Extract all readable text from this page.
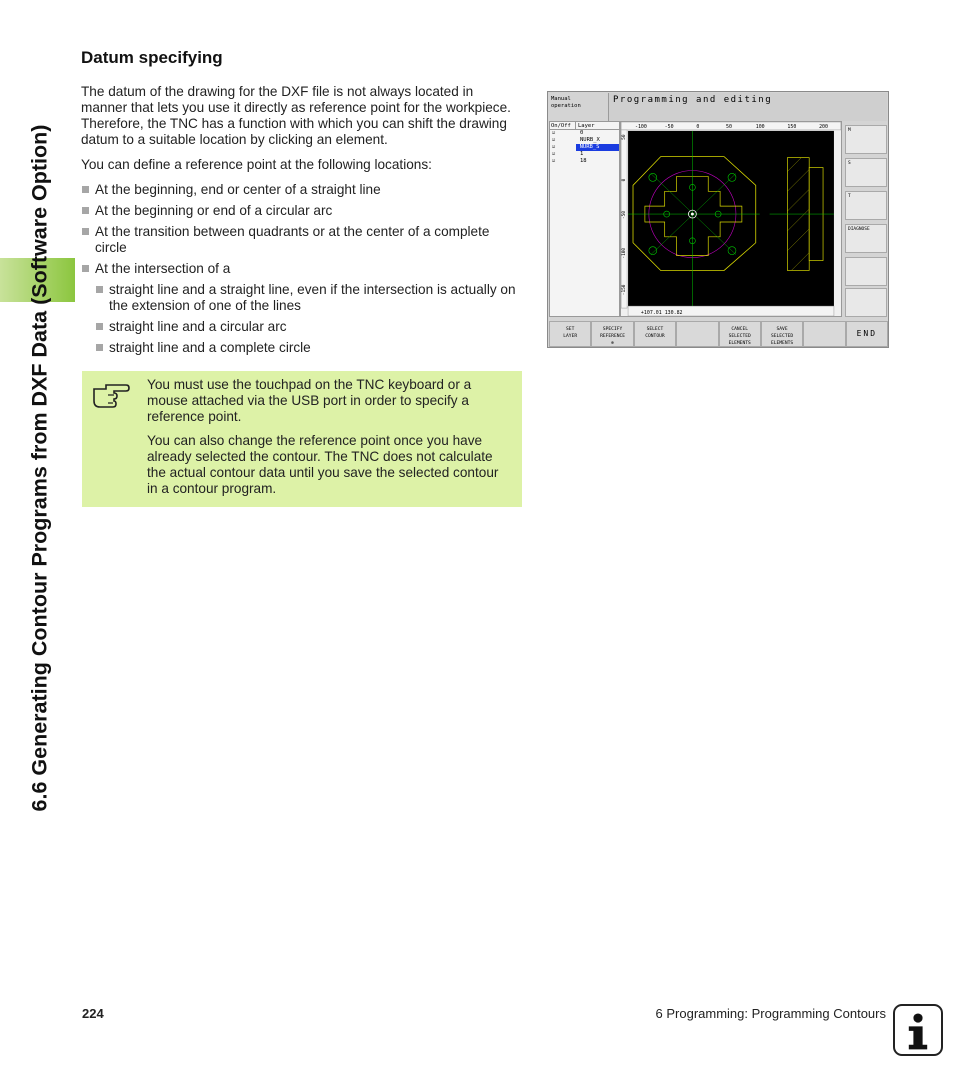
6.6 Generating Contour Programs from DXF Data (Software Option)
Datum specifying

The datum of the drawing for the DXF file is not always located in manner that lets you use it directly as reference point for the workpiece. Therefore, the TNC has a function with which you can shift the drawing datum to a suitable location by clicking an element.

You can define a reference point at the following locations:

At the beginning, end or center of a straight line
At the beginning or end of a circular arc
At the transition between quadrants or at the center of a complete circle
At the intersection of a
straight line and a straight line, even if the intersection is actually on the extension of one of the lines
straight line and a circular arc
straight line and a complete circle

You must use the touchpad on the TNC keyboard or a mouse attached via the USB port in order to specify a reference point.

You can also change the reference point once you have already selected the contour. The TNC does not calculate the actual contour data until you save the selected contour in a contour program.

Manual
operation
Programming and editing
On/Off	Layer
☑	0
☑	NURB_X
☑	NURB_S
☑	1
☑	18
-100	-50	0	50	100	150	200
50
0
-50
-100
-150
+107.01 130.82
M
S
T
DIAGNOSE
SET
LAYER
SPECIFY
REFERENCE
⊕
SELECT
CONTOUR
CANCEL
SELECTED
ELEMENTS
SAVE
SELECTED
ELEMENTS
END
224	6 Programming: Programming Contours
